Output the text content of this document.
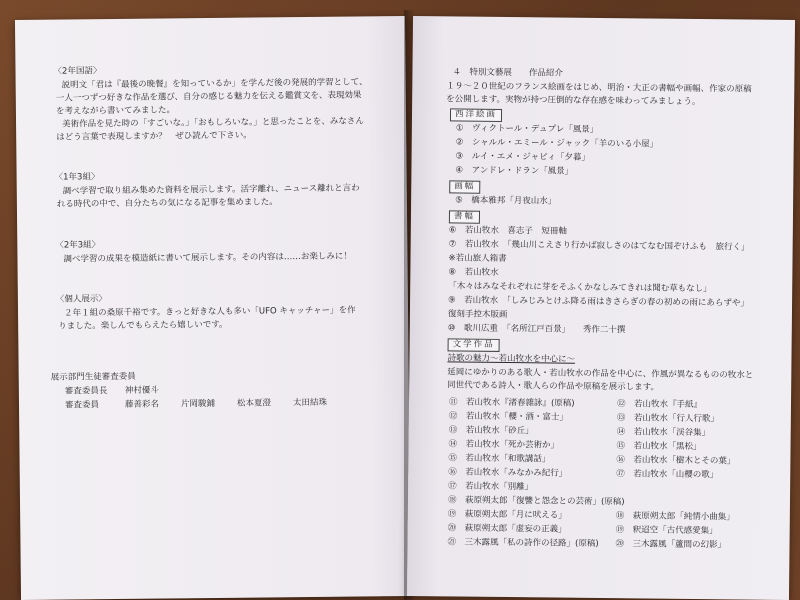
〈2年国語〉
説明文「君は『最後の晩餐』を知っているか」を学んだ後の発展的学習として、
一人一つずつ好きな作品を選び、自分の感じる魅力を伝える鑑賞文を、表現効果
を考えながら書いてみました。
美術作品を見た時の「すごいな。」「おもしろいな。」と思ったことを、みなさん
はどう言葉で表現しますか？　ぜひ読んで下さい。
〈1年3組〉
調べ学習で取り組み集めた資料を展示します。活字離れ、ニュース離れと言わ
れる時代の中で、自分たちの気になる記事を集めました。
〈2年3組〉
調べ学習の成果を模造紙に書いて展示します。その内容は……お楽しみに！
〈個人展示〉
２年１組の桑原千裕です。きっと好きな人も多い「UFO キャッチャー」を作
りました。楽しんでもらえたら嬉しいです。
展示部門生徒審査委員
審査委員長 神村優斗
審査委員	藤善彩名	片岡駿鋪	松本夏澄	太田結珠
４　特別文藝展　　作品紹介
１９～２０世紀のフランス絵画をはじめ、明治・大正の書幅や画幅、作家の原稿
を公開します。実物が持つ圧倒的な存在感を味わってみましょう。
西洋絵画
①　ヴィクトール・デュプレ「風景」
②　シャルル・エミール・ジャック「羊のいる小屋」
③　ルイ・エメ・ジャピィ「夕暮」
④　アンドレ・ドラン「風景」
画幅
⑤　橋本雅邦「月夜山水」
書幅
⑥　若山牧水　喜志子　短冊軸
⑦　若山牧水　「幾山川こえさり行かば寂しさのはてなむ国ぞけふも　旅行く」
※若山旅人箱書
⑧　若山牧水
「木々はみなそれぞれに芽をそふくかなしみてきれは聞む草もなし」
⑨　若山牧水　「しみじみとけふ降る雨はきさらぎの春の初めの雨にあらずや」
復刻手控木版画
⑩　歌川広重　「名所江戸百景」　　秀作二十撰
文学作品
詩歌の魅力～若山牧水を中心に～
延岡にゆかりのある歌人・若山牧水の作品を中心に、作風が異なるものの牧水と
同世代である詩人・歌人らの作品や原稿を展示します。
⑪　若山牧水『渚春雜詠』(原稿)
⑫　若山牧水「櫻・酒・富士」
⑬　若山牧水「砂丘」
⑭　若山牧水「死か芸術か」
⑮　若山牧水「和歌講話」
⑯　若山牧水「みなかみ紀行」
⑰　若山牧水「別離」
⑱　萩原朔太郎「復讐と怨念との芸術」(原稿)
⑲　萩原朔太郎「月に吠える」
⑳　萩原朔太郎「虚妄の正義」
㉑　三木露風「私の詩作の径路」(原稿)
⑫　若山牧水『手紙』
⑬　若山牧水「行人行歌」
⑭　若山牧水「渓谷集」
⑮　若山牧水「黒松」
⑯　若山牧水「樹木とその葉」
⑰　若山牧水「山櫻の歌」
⑱　萩原朔太郎「純情小曲集」
⑲　釈迢空「古代感愛集」
⑳　三木露風「蘆間の幻影」
